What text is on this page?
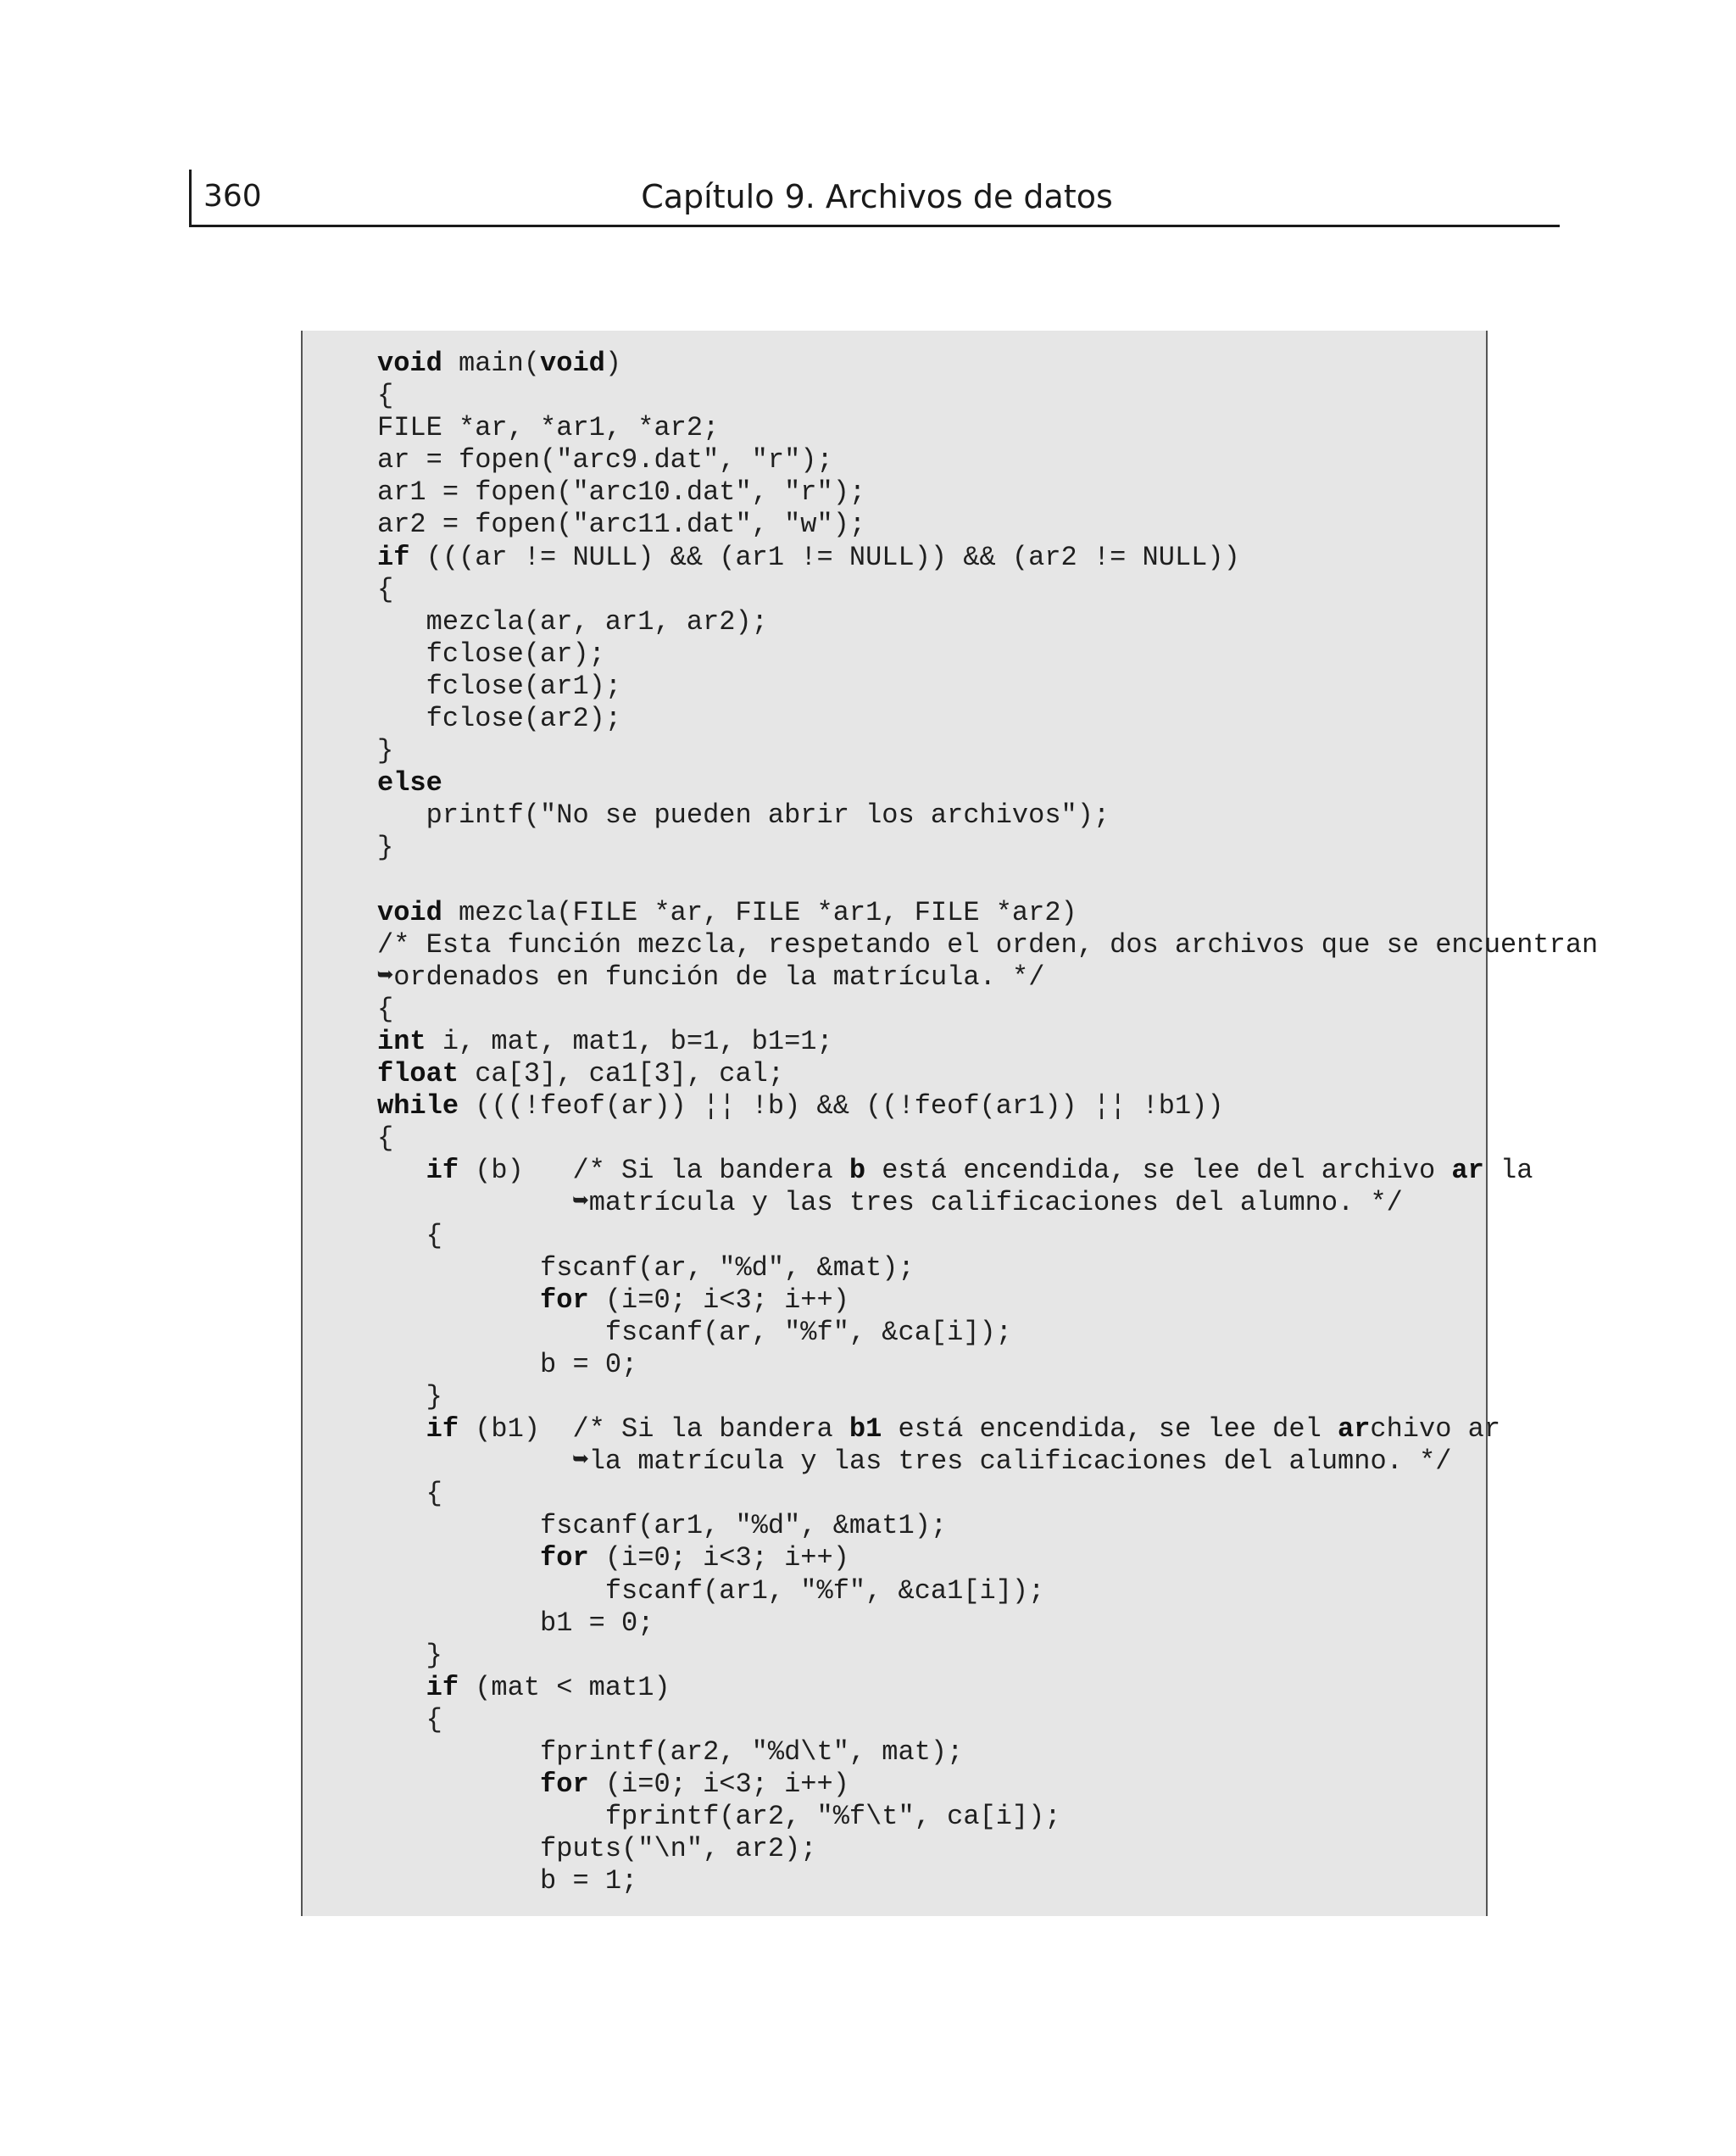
360	Capítulo 9. Archivos de datos
void main(void)
{
FILE *ar, *ar1, *ar2;
ar = fopen("arc9.dat", "r");
ar1 = fopen("arc10.dat", "r");
ar2 = fopen("arc11.dat", "w");
if (((ar != NULL) && (ar1 != NULL)) && (ar2 != NULL))
{
mezcla(ar, ar1, ar2);
fclose(ar);
fclose(ar1);
fclose(ar2);
}
else
printf("No se pueden abrir los archivos");
}
void mezcla(FILE *ar, FILE *ar1, FILE *ar2)
/* Esta función mezcla, respetando el orden, dos archivos que se encuentran
➥ordenados en función de la matrícula. */
{
int i, mat, mat1, b=1, b1=1;
float ca[3], ca1[3], cal;
while (((!feof(ar)) ¦¦ !b) && ((!feof(ar1)) ¦¦ !b1))
{
if (b)   /* Si la bandera b está encendida, se lee del archivo ar la
➥matrícula y las tres calificaciones del alumno. */
{
fscanf(ar, "%d", &mat);
for (i=0; i<3; i++)
fscanf(ar, "%f", &ca[i]);
b = 0;
}
if (b1)  /* Si la bandera b1 está encendida, se lee del archivo ar
➥la matrícula y las tres calificaciones del alumno. */
{
fscanf(ar1, "%d", &mat1);
for (i=0; i<3; i++)
fscanf(ar1, "%f", &ca1[i]);
b1 = 0;
}
if (mat < mat1)
{
fprintf(ar2, "%d\t", mat);
for (i=0; i<3; i++)
fprintf(ar2, "%f\t", ca[i]);
fputs("\n", ar2);
b = 1;
